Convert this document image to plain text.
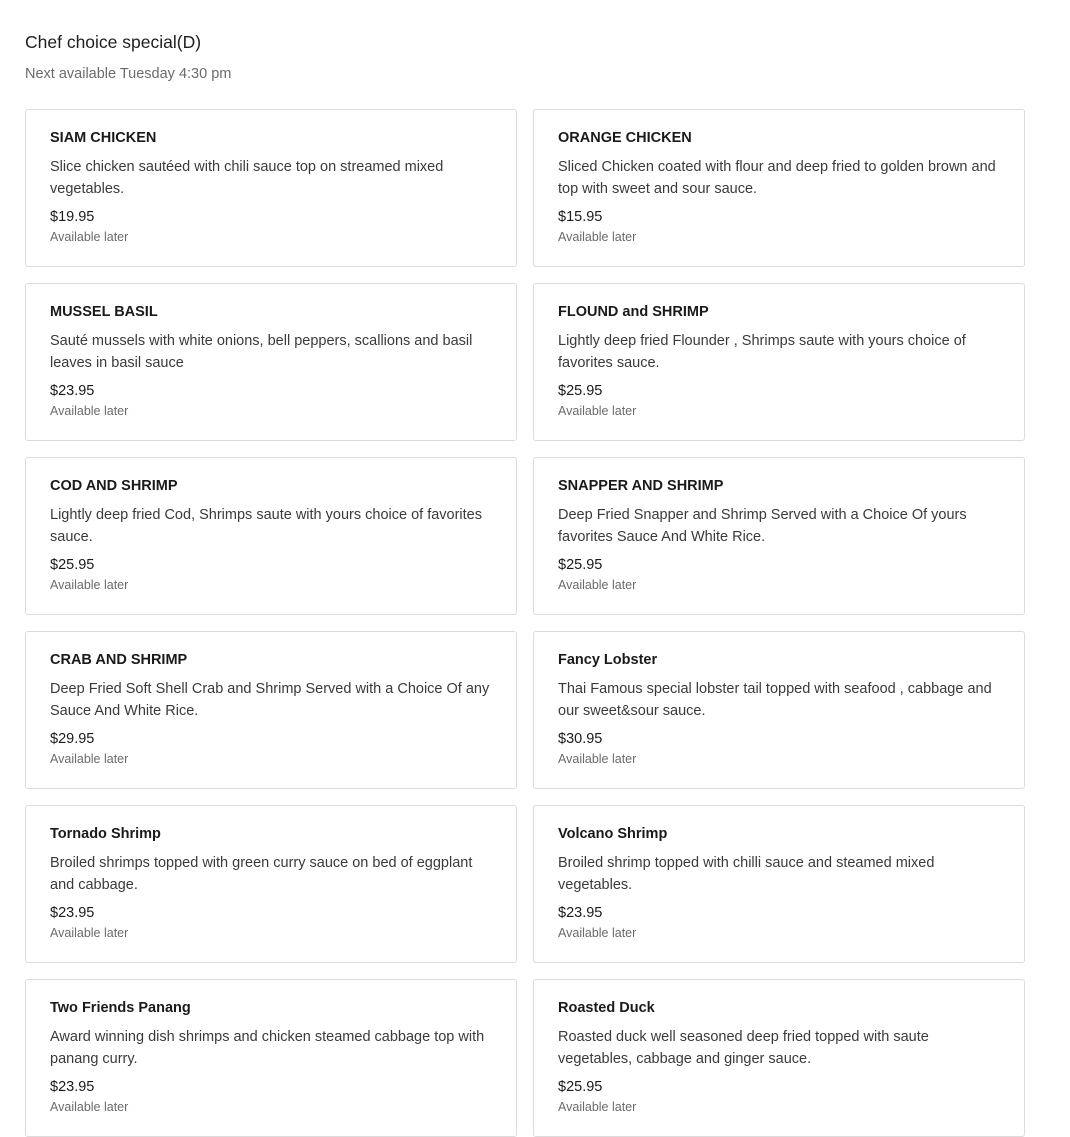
Chef choice special(D)
Next available Tuesday 4:30 pm
SIAM CHICKEN
Slice chicken sautéed with chili sauce top on streamed mixed vegetables.
$19.95
Available later
ORANGE CHICKEN
Sliced Chicken coated with flour and deep fried to golden brown and top with sweet and sour sauce.
$15.95
Available later
MUSSEL BASIL
Sauté mussels with white onions, bell peppers, scallions and basil leaves in basil sauce
$23.95
Available later
FLOUND and SHRIMP
Lightly deep fried Flounder , Shrimps saute with yours choice of favorites sauce.
$25.95
Available later
COD AND SHRIMP
Lightly deep fried Cod, Shrimps saute with yours choice of favorites sauce.
$25.95
Available later
SNAPPER AND SHRIMP
Deep Fried Snapper and Shrimp Served with a Choice Of yours favorites Sauce And White Rice.
$25.95
Available later
CRAB AND SHRIMP
Deep Fried Soft Shell Crab and Shrimp Served with a Choice Of any Sauce And White Rice.
$29.95
Available later
Fancy Lobster
Thai Famous special lobster tail topped with seafood , cabbage and our sweet&sour sauce.
$30.95
Available later
Tornado Shrimp
Broiled shrimps topped with green curry sauce on bed of eggplant and cabbage.
$23.95
Available later
Volcano Shrimp
Broiled shrimp topped with chilli sauce and steamed mixed vegetables.
$23.95
Available later
Two Friends Panang
Award winning dish shrimps and chicken steamed cabbage top with panang curry.
$23.95
Available later
Roasted Duck
Roasted duck well seasoned deep fried topped with saute vegetables, cabbage and ginger sauce.
$25.95
Available later
